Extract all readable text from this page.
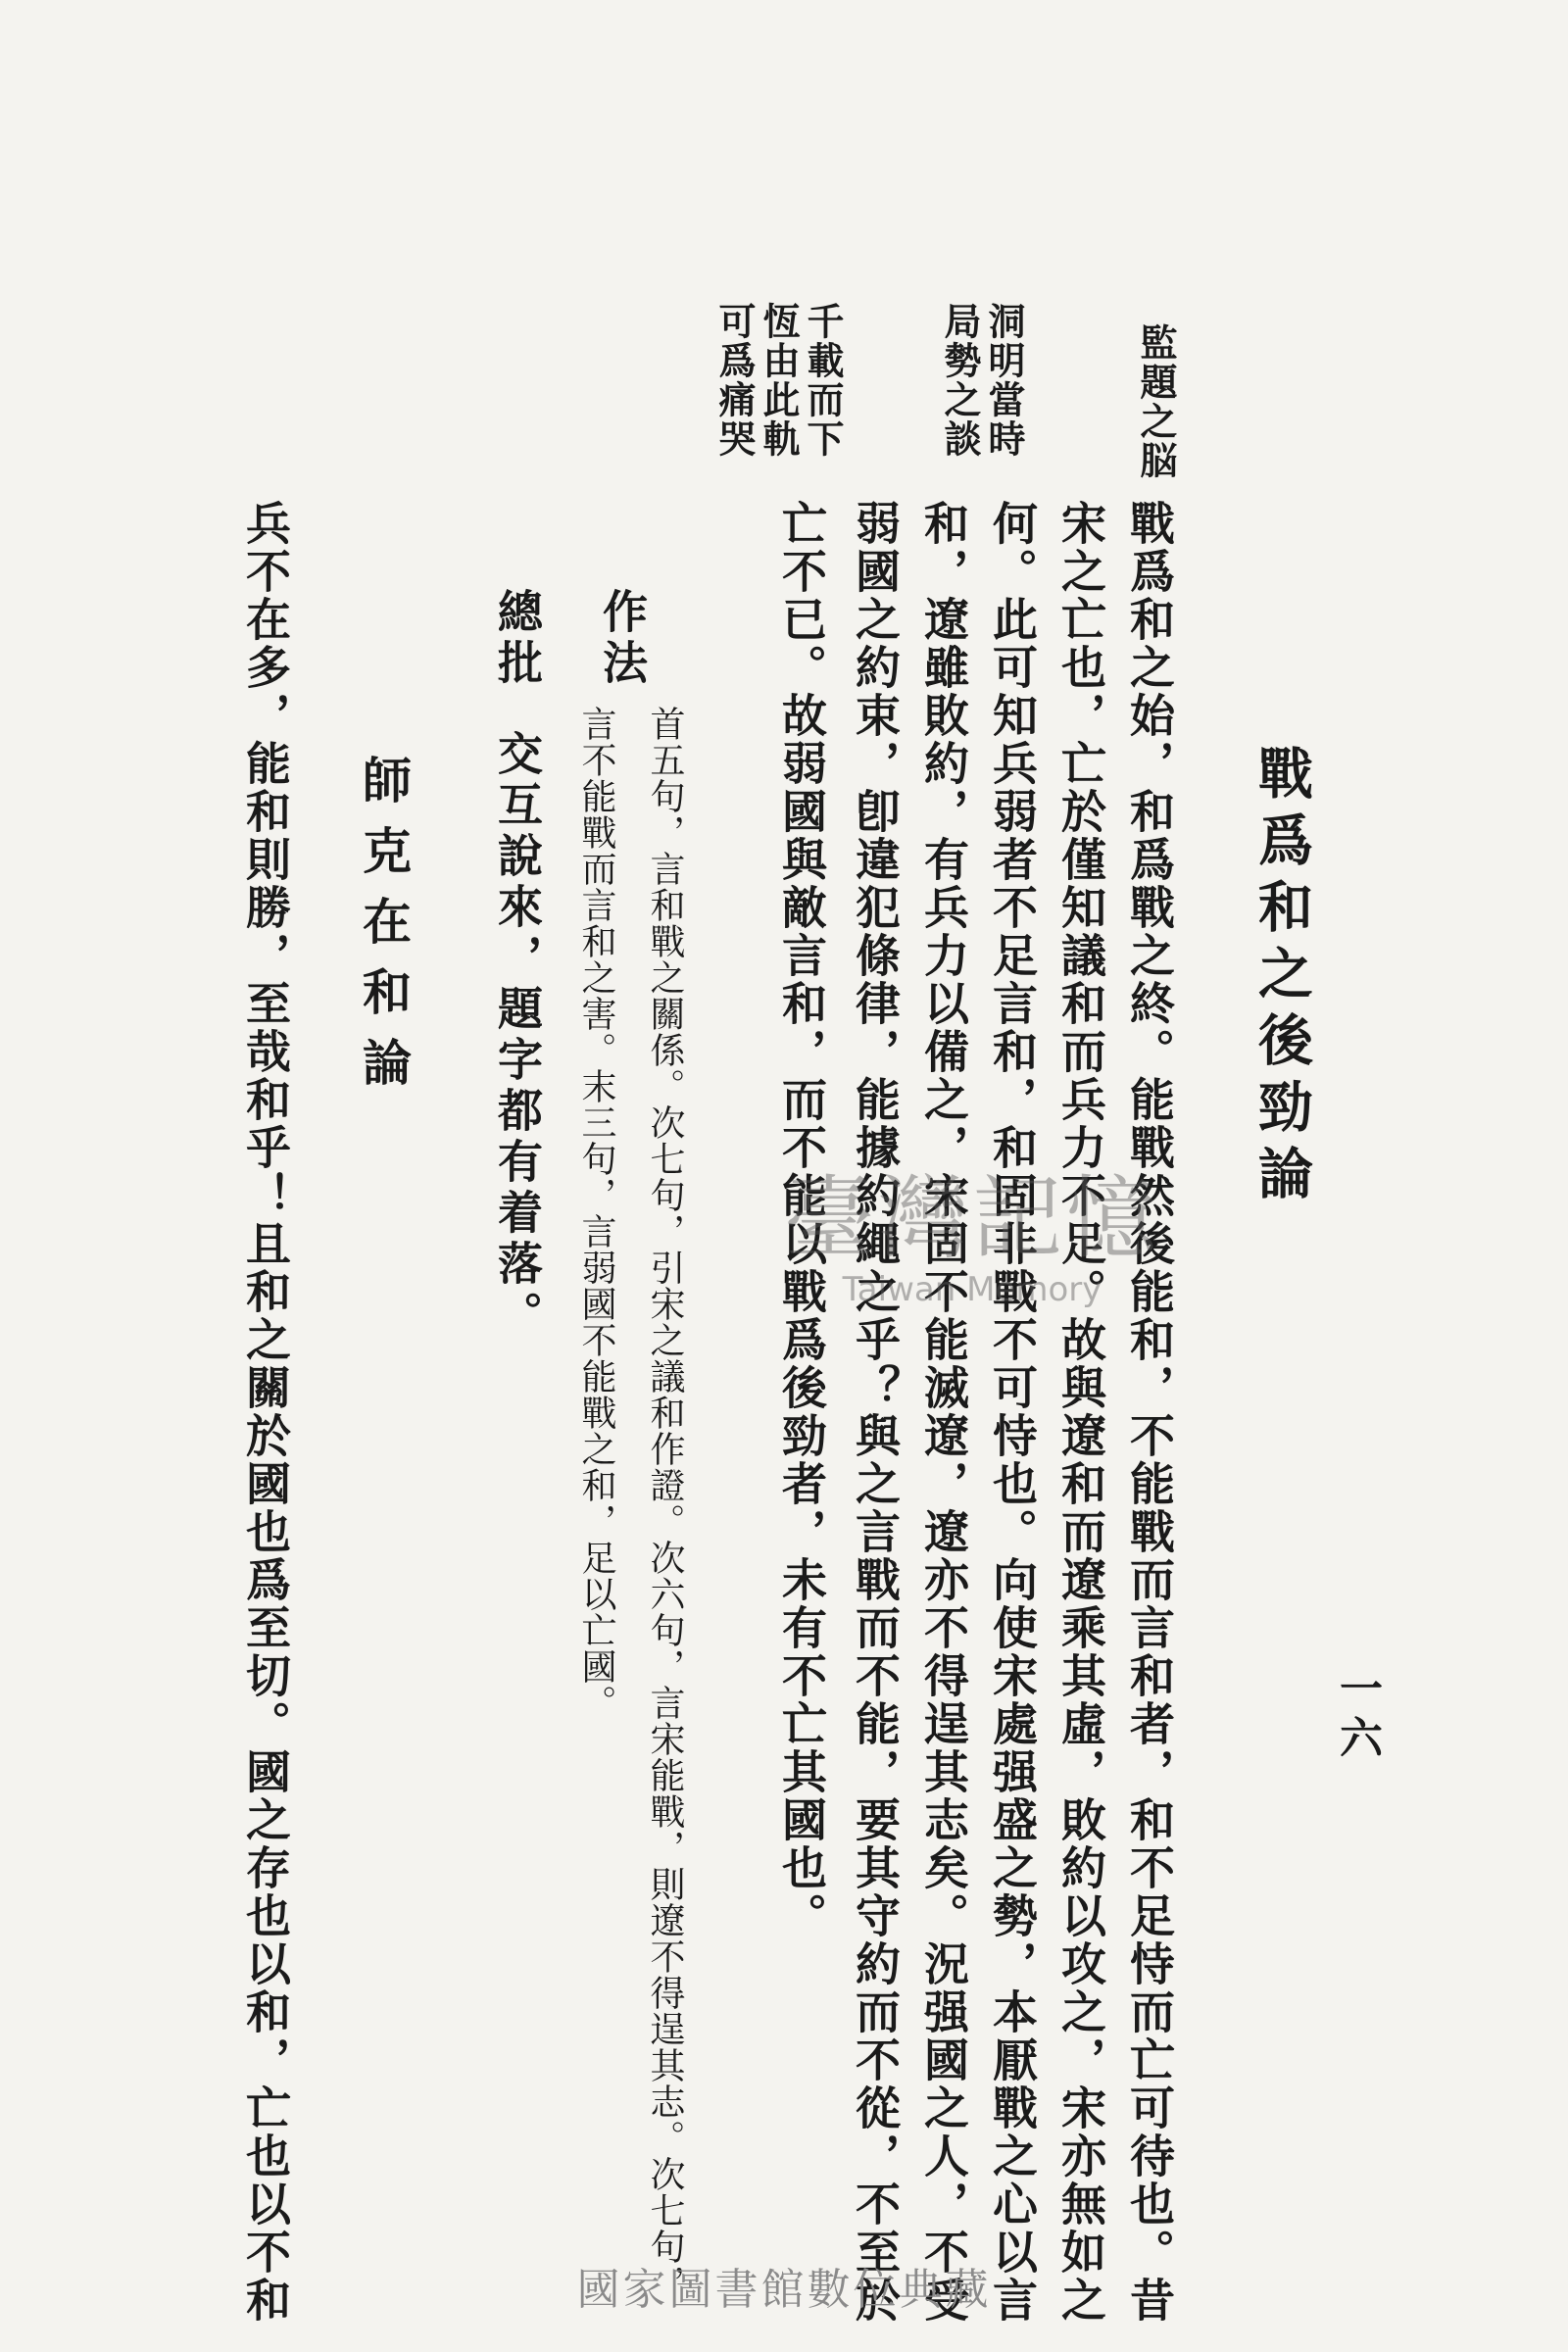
一六
戰爲和之後勁論
戰爲和之始，和爲戰之終。能戰然後能和，不能戰而言和者，和不足恃而亡可待也。昔
宋之亡也，亡於僅知議和而兵力不足。故與遼和而遼乘其虛，敗約以攻之，宋亦無如之
何。此可知兵弱者不足言和，和固非戰不可恃也。向使宋處强盛之勢，本厭戰之心以言
和，遼雖敗約，有兵力以備之，宋固不能滅遼，遼亦不得逞其志矣。況强國之人，不受
弱國之約束，卽違犯條律，能據約繩之乎？與之言戰而不能，要其守約而不從，不至於
亡不已。故弱國與敵言和，而不能以戰爲後勁者，未有不亡其國也。
監題之脳
洞明當時
局勢之談
千載而下
恆由此軌
可爲痛哭
作法
首五句，言和戰之關係。次七句，引宋之議和作證。次六句，言宋能戰，則遼不得逞其志。次七句，
言不能戰而言和之害。末三句，言弱國不能戰之和，足以亡國。
總批
交互說來，題字都有着落。
師克在和論
兵不在多，能和則勝，至哉和乎！且和之關於國也爲至切。國之存也以和，亡也以不和	臺灣記憶
Taiwan Memory
國家圖書館數位典藏
